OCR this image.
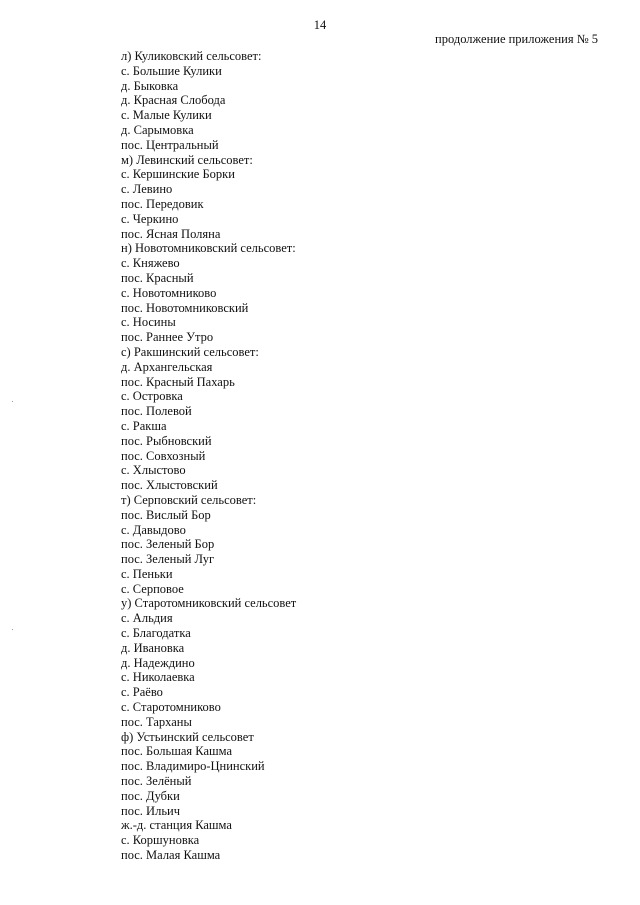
14
продолжение приложения № 5
л) Куликовский сельсовет:
с. Большие Кулики
д. Быковка
д. Красная Слобода
с. Малые Кулики
д. Сарымовка
пос. Центральный
м) Левинский сельсовет:
с. Кершинские Борки
с. Левино
пос. Передовик
с. Черкино
пос. Ясная Поляна
н) Новотомниковский сельсовет:
с. Княжево
пос. Красный
с. Новотомниково
пос. Новотомниковский
с. Носины
пос. Раннее Утро
с) Ракшинский сельсовет:
д. Архангельская
пос. Красный Пахарь
с. Островка
пос. Полевой
с. Ракша
пос. Рыбновский
пос. Совхозный
с. Хлыстово
пос. Хлыстовский
т) Серповский сельсовет:
пос. Вислый Бор
с. Давыдово
пос. Зеленый Бор
пос. Зеленый Луг
с. Пеньки
с. Серповое
у) Старотомниковский сельсовет
с. Альдия
с. Благодатка
д. Ивановка
д. Надеждино
с. Николаевка
с. Раёво
с. Старотомниково
пос. Тарханы
ф) Устьинский сельсовет
пос. Большая Кашма
пос. Владимиро-Цнинский
пос. Зелёный
пос. Дубки
пос. Ильич
ж.-д. станция Кашма
с. Коршуновка
пос. Малая Кашма
